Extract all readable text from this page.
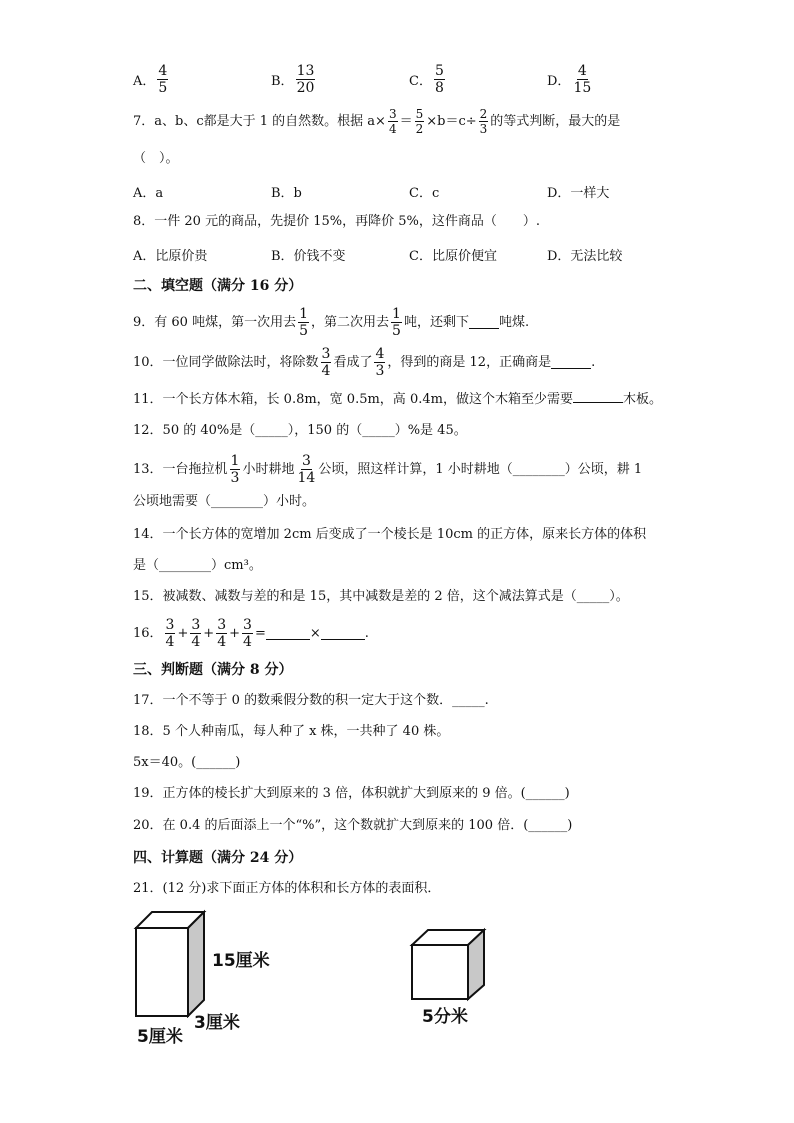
A． $\frac{4}{5}$	B． $\frac{13}{20}$	C． $\frac{5}{8}$	D． $\frac{4}{15}$
7．a、b、c都是大于 1 的自然数。根据 $a\times \frac{3}{4} = \frac{5}{2} \times b=c\div \frac{2}{3}$ 的等式判断，最大的是
（　）。
A．a	B．b	C．c	D．一样大
8．一件 20 元的商品，先提价 15%，再降价 5%，这件商品（　　）.
A．比原价贵	B．价钱不变	C．比原价便宜	D．无法比较
二、填空题（满分 16 分）
9．有 60 吨煤，第一次用去 $\frac{1}{5}$ ，第二次用去 $\frac{1}{5}$ 吨，还剩下 吨煤.
10．一位同学做除法时，将除数 $\frac{3}{4}$ 看成了 $\frac{4}{3}$ ，得到的商是 12，正确商是	.
11．一个长方体木箱，长 0.8m，宽 0.5m，高 0.4m，做这个木箱至少需要	木板。
12．50 的 40%是（_____），150 的（_____）%是 45。
13．一台拖拉机 $\frac{1}{3}$ 小时耕地 $\frac{3}{14}$ 公顷，照这样计算，1 小时耕地（________）公顷，耕 1
公顷地需要（________）小时。
14．一个长方体的宽增加 2cm 后变成了一个棱长是 10cm 的正方体，原来长方体的体积
是（________）cm³。
15．被减数、减数与差的和是 15，其中减数是差的 2 倍，这个减法算式是（_____）。
16． $\frac{3}{4} + \frac{3}{4} + \frac{3}{4} + \frac{3}{4}$ =	×	.
三、判断题（满分 8 分）
17．一个不等于 0 的数乘假分数的积一定大于这个数．_____.
18．5 个人种南瓜，每人种了 x 株，一共种了 40 株。
5x＝40。(______)
19．正方体的棱长扩大到原来的 3 倍，体积就扩大到原来的 9 倍。(______)
20．在 0.4 的后面添上一个“%”，这个数就扩大到原来的 100 倍．(______)
四、计算题（满分 24 分）
21．(12 分)求下面正方体的体积和长方体的表面积．
15厘米
3厘米
5厘米
5分米
